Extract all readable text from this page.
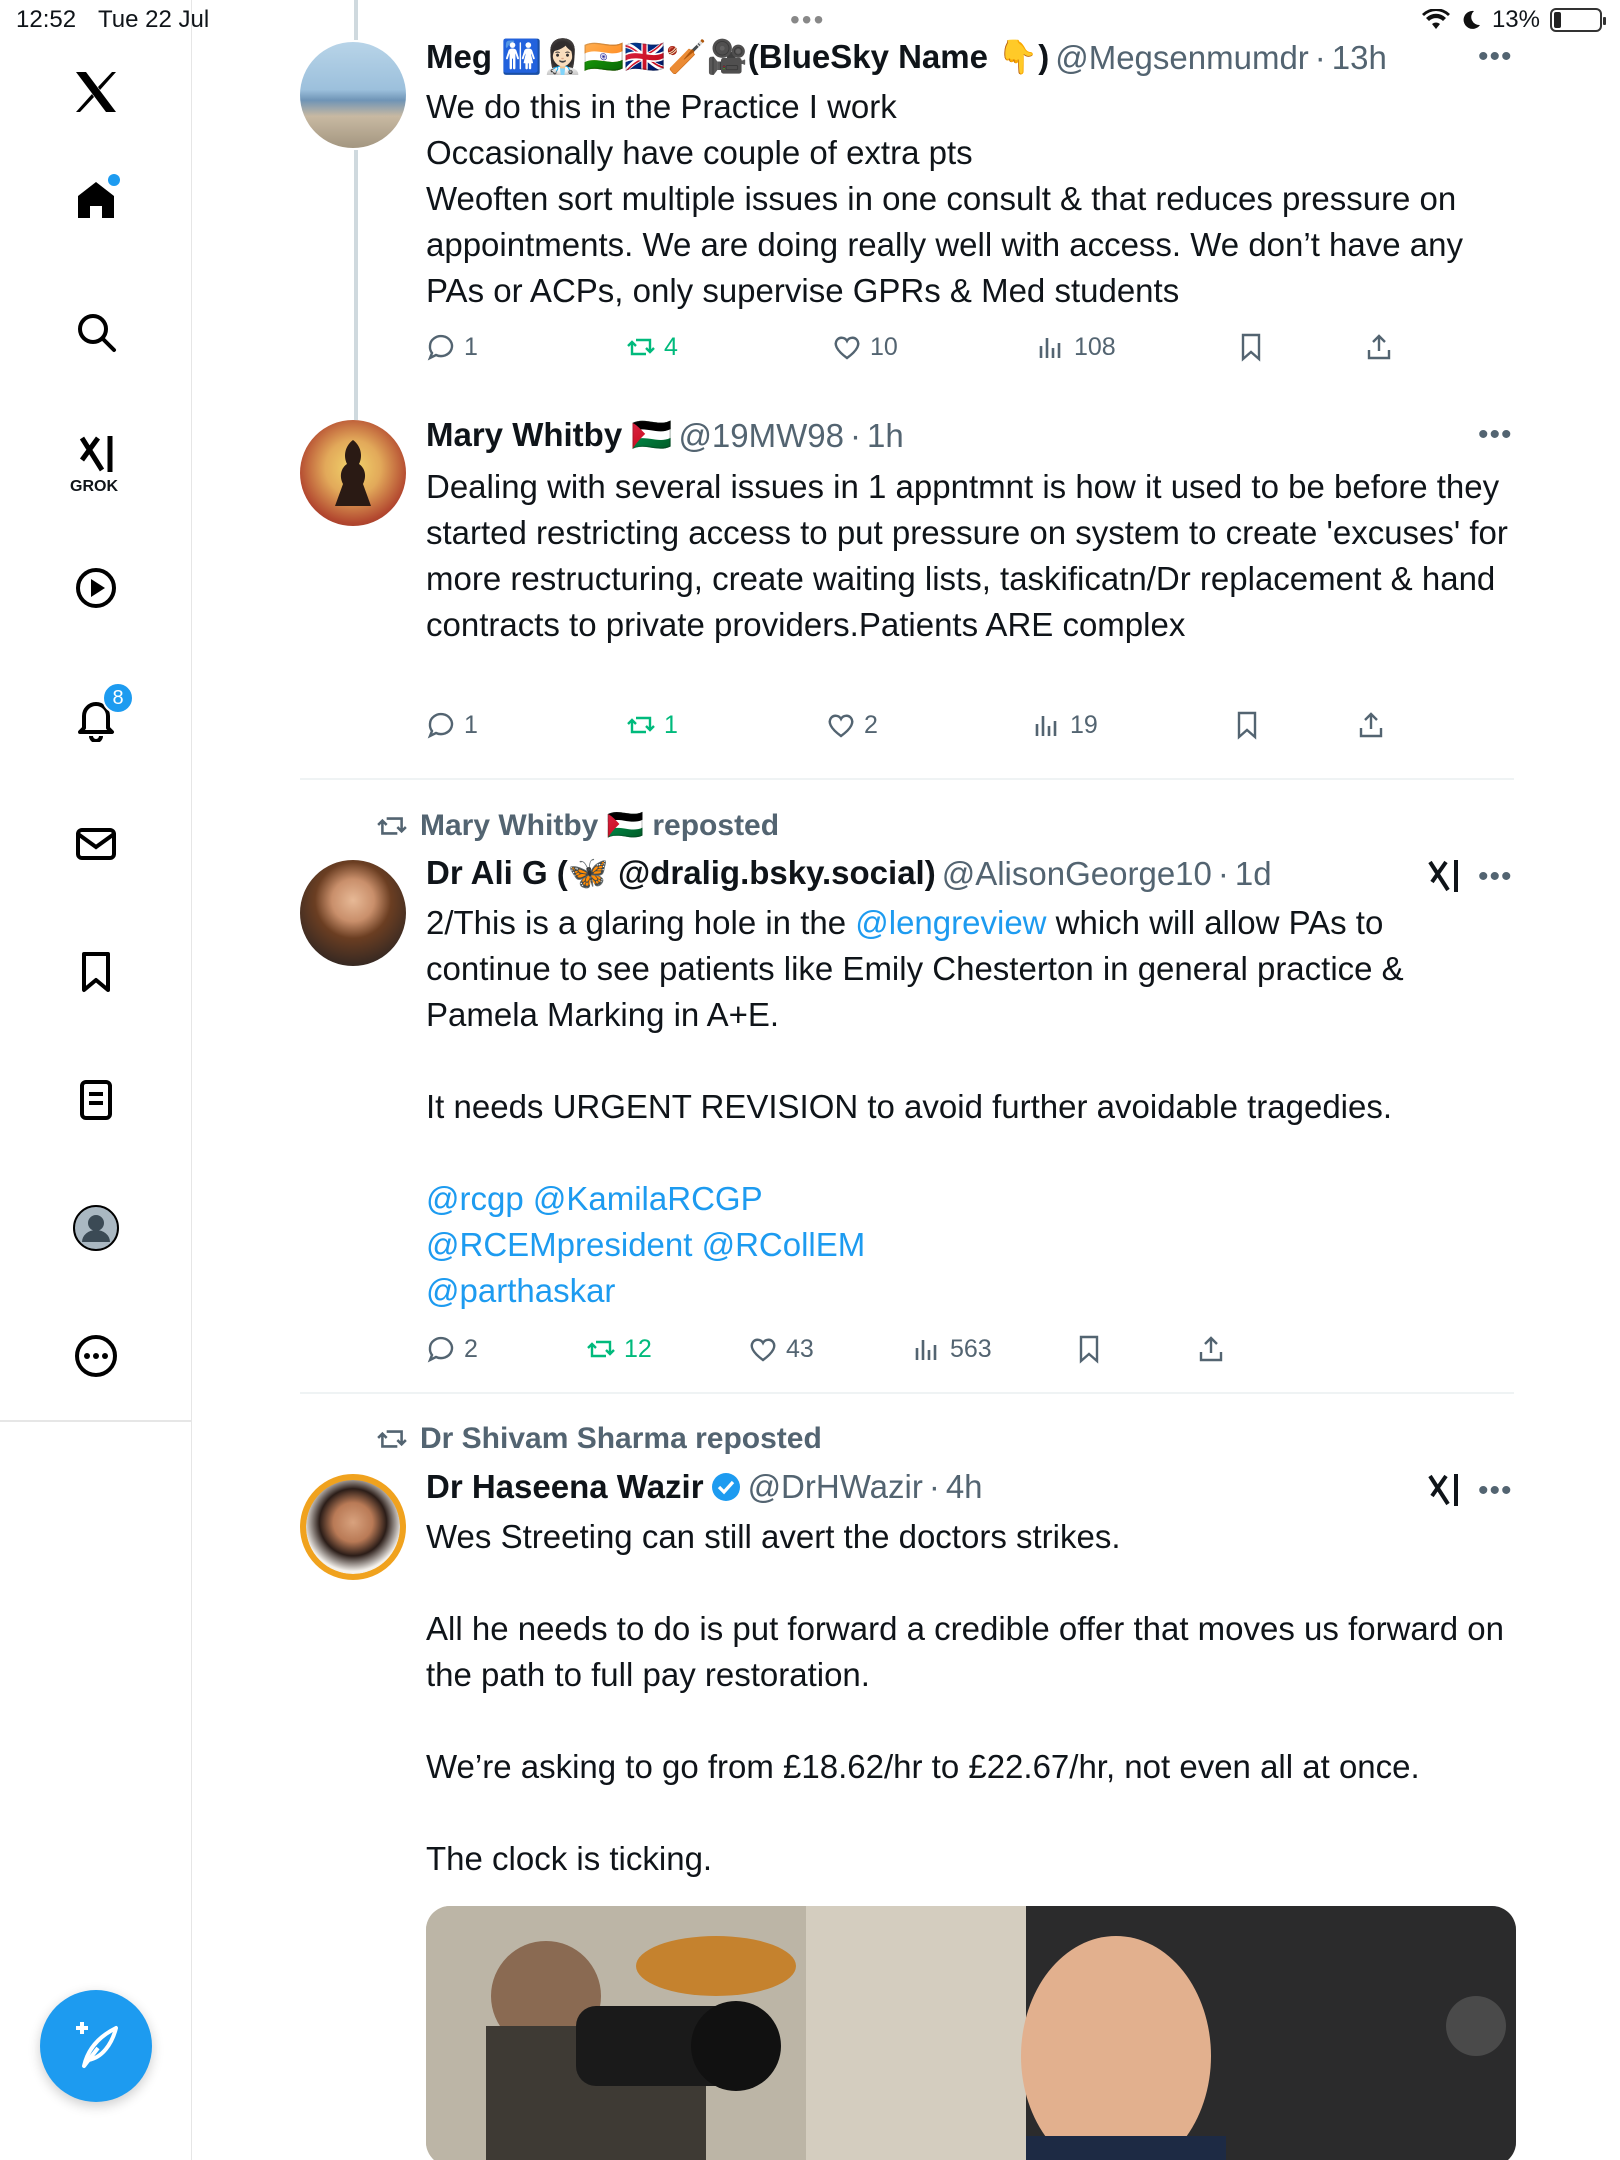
12:52 Tue 22 Jul	•••	13%
GROK
8
Meg 🚻👩🏻‍⚕️🇮🇳🇬🇧🏏🎥(BlueSky Name 👇) @Megsenmumdr · 13h	•••
We do this in the Practice I work
Occasionally have couple of extra pts
Weoften sort multiple issues in one consult & that reduces pressure on appointments. We are doing really well with access. We don’t have any PAs or ACPs, only supervise GPRs & Med students
1	4	10	108
Mary Whitby 🇵🇸 @19MW98 · 1h	•••
Dealing with several issues in 1 appntmnt is how it used to be before they started restricting access to put pressure on system to create 'excuses' for more restructuring, create waiting lists, taskificatn/Dr replacement & hand contracts to private providers.Patients ARE complex
1	1	2	19
Mary Whitby 🇵🇸 reposted
Dr Ali G (🦋 @dralig.bsky.social) @AlisonGeorge10 · 1d	•••
2/This is a glaring hole in the @lengreview which will allow PAs to continue to see patients like Emily Chesterton in general practice & Pamela Marking in A+E.

It needs URGENT REVISION to avoid further avoidable tragedies.

@rcgp @KamilaRCGP
@RCEMpresident @RCollEM
@parthaskar
2	12	43	563
Dr Shivam Sharma reposted
Dr Haseena Wazir @DrHWazir · 4h	•••
Wes Streeting can still avert the doctors strikes.

All he needs to do is put forward a credible offer that moves us forward on the path to full pay restoration.

We’re asking to go from £18.62/hr to £22.67/hr, not even all at once.

The clock is ticking.
